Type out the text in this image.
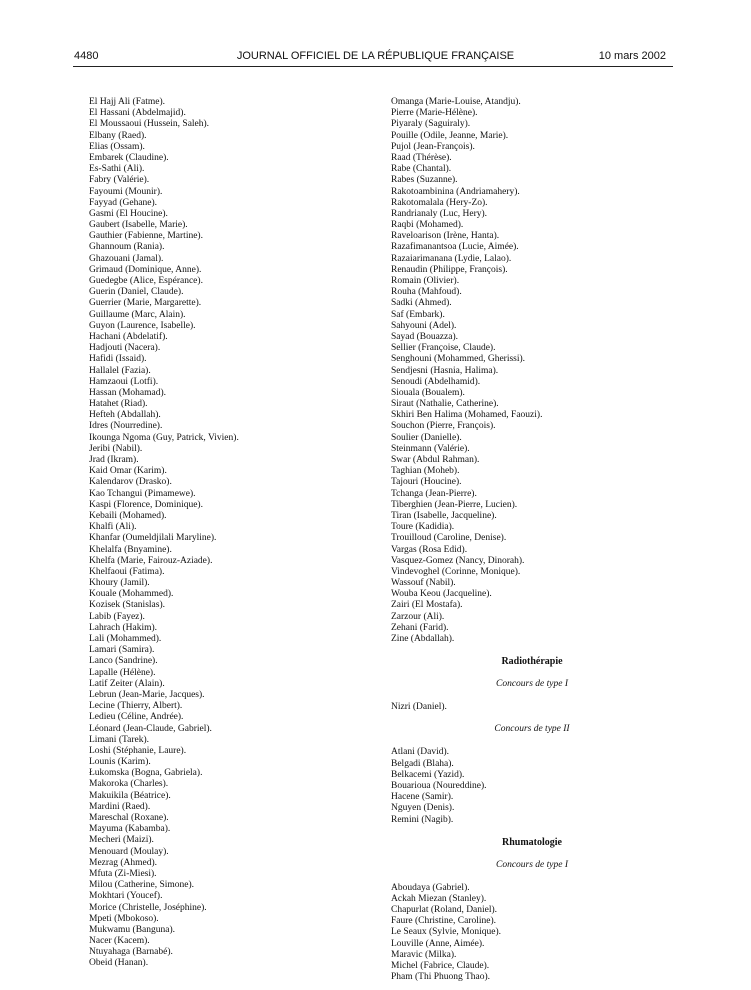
4480	JOURNAL OFFICIEL DE LA RÉPUBLIQUE FRANÇAISE	10 mars 2002
El Hajj Ali (Fatme).
El Hassani (Abdelmajid).
El Moussaoui (Hussein, Saleh).
Elbany (Raed).
Elias (Ossam).
Embarek (Claudine).
Es-Sathi (Ali).
Fabry (Valérie).
Fayoumi (Mounir).
Fayyad (Gehane).
Gasmi (El Houcine).
Gaubert (Isabelle, Marie).
Gauthier (Fabienne, Martine).
Ghannoum (Rania).
Ghazouani (Jamal).
Grimaud (Dominique, Anne).
Guedegbe (Alice, Espérance).
Guerin (Daniel, Claude).
Guerrier (Marie, Margarette).
Guillaume (Marc, Alain).
Guyon (Laurence, Isabelle).
Hachani (Abdelatif).
Hadjouti (Nacera).
Hafidi (Issaid).
Hallalel (Fazia).
Hamzaoui (Lotfi).
Hassan (Mohamad).
Hatahet (Riad).
Hefteh (Abdallah).
Idres (Nourredine).
Ikounga Ngoma (Guy, Patrick, Vivien).
Jeribi (Nabil).
Jrad (Ikram).
Kaid Omar (Karim).
Kalendarov (Drasko).
Kao Tchangui (Pimamewe).
Kaspi (Florence, Dominique).
Kebaili (Mohamed).
Khalfi (Ali).
Khanfar (Oumeldjilali Maryline).
Khelalfa (Bnyamine).
Khelfa (Marie, Fairouz-Aziade).
Khelfaoui (Fatima).
Khoury (Jamil).
Kouale (Mohammed).
Kozisek (Stanislas).
Labib (Fayez).
Lahrach (Hakim).
Lali (Mohammed).
Lamari (Samira).
Lanco (Sandrine).
Lapalle (Hélène).
Latif Zeiter (Alain).
Lebrun (Jean-Marie, Jacques).
Lecine (Thierry, Albert).
Ledieu (Céline, Andrée).
Léonard (Jean-Claude, Gabriel).
Limani (Tarek).
Loshi (Stéphanie, Laure).
Lounis (Karim).
Łukomska (Bogna, Gabriela).
Makoroka (Charles).
Makuikila (Béatrice).
Mardini (Raed).
Mareschal (Roxane).
Mayuma (Kabamba).
Mecheri (Maizi).
Menouard (Moulay).
Mezrag (Ahmed).
Mfuta (Zi-Miesi).
Milou (Catherine, Simone).
Mokhtari (Youcef).
Morice (Christelle, Joséphine).
Mpeti (Mbokoso).
Mukwamu (Banguna).
Nacer (Kacem).
Ntuyahaga (Barnabé).
Obeid (Hanan).
Omanga (Marie-Louise, Atandju).
Pierre (Marie-Hélène).
Piyaraly (Saguiraly).
Pouille (Odile, Jeanne, Marie).
Pujol (Jean-François).
Raad (Thérèse).
Rabe (Chantal).
Rabes (Suzanne).
Rakotoambinina (Andriamahery).
Rakotomalala (Hery-Zo).
Randrianaly (Luc, Hery).
Raqbi (Mohamed).
Raveloarison (Irène, Hanta).
Razafimanantsoa (Lucie, Aimée).
Razaiarimanana (Lydie, Lalao).
Renaudin (Philippe, François).
Romain (Olivier).
Rouha (Mahfoud).
Sadki (Ahmed).
Saf (Embark).
Sahyouni (Adel).
Sayad (Bouazza).
Sellier (Françoise, Claude).
Senghouni (Mohammed, Gherissi).
Sendjesni (Hasnia, Halima).
Senoudi (Abdelhamid).
Sioualа (Boualem).
Siraut (Nathalie, Catherine).
Skhiri Ben Halima (Mohamed, Faouzi).
Souchon (Pierre, François).
Soulier (Danielle).
Steinmann (Valérie).
Swar (Abdul Rahman).
Taghian (Moheb).
Tajouri (Houcine).
Tchanga (Jean-Pierre).
Tiberghien (Jean-Pierre, Lucien).
Tiran (Isabelle, Jacqueline).
Toure (Kadidia).
Trouilloud (Caroline, Denise).
Vargas (Rosa Edid).
Vasquez-Gomez (Nancy, Dinorah).
Vindevoghel (Corinne, Monique).
Wassouf (Nabil).
Wouba Keou (Jacqueline).
Zairi (El Mostafa).
Zarzour (Ali).
Zehani (Farid).
Zine (Abdallah).
Radiothérapie
Concours de type I
Nizri (Daniel).
Concours de type II
Atlani (David).
Belgadi (Blaha).
Belkacemi (Yazid).
Bouarioua (Noureddine).
Hacene (Samir).
Nguyen (Denis).
Remini (Nagib).
Rhumatologie
Concours de type I
Aboudaya (Gabriel).
Ackah Miezan (Stanley).
Chapurlat (Roland, Daniel).
Faure (Christine, Caroline).
Le Seaux (Sylvie, Monique).
Louville (Anne, Aimée).
Maravic (Milka).
Michel (Fabrice, Claude).
Pham (Thi Phuong Thao).
